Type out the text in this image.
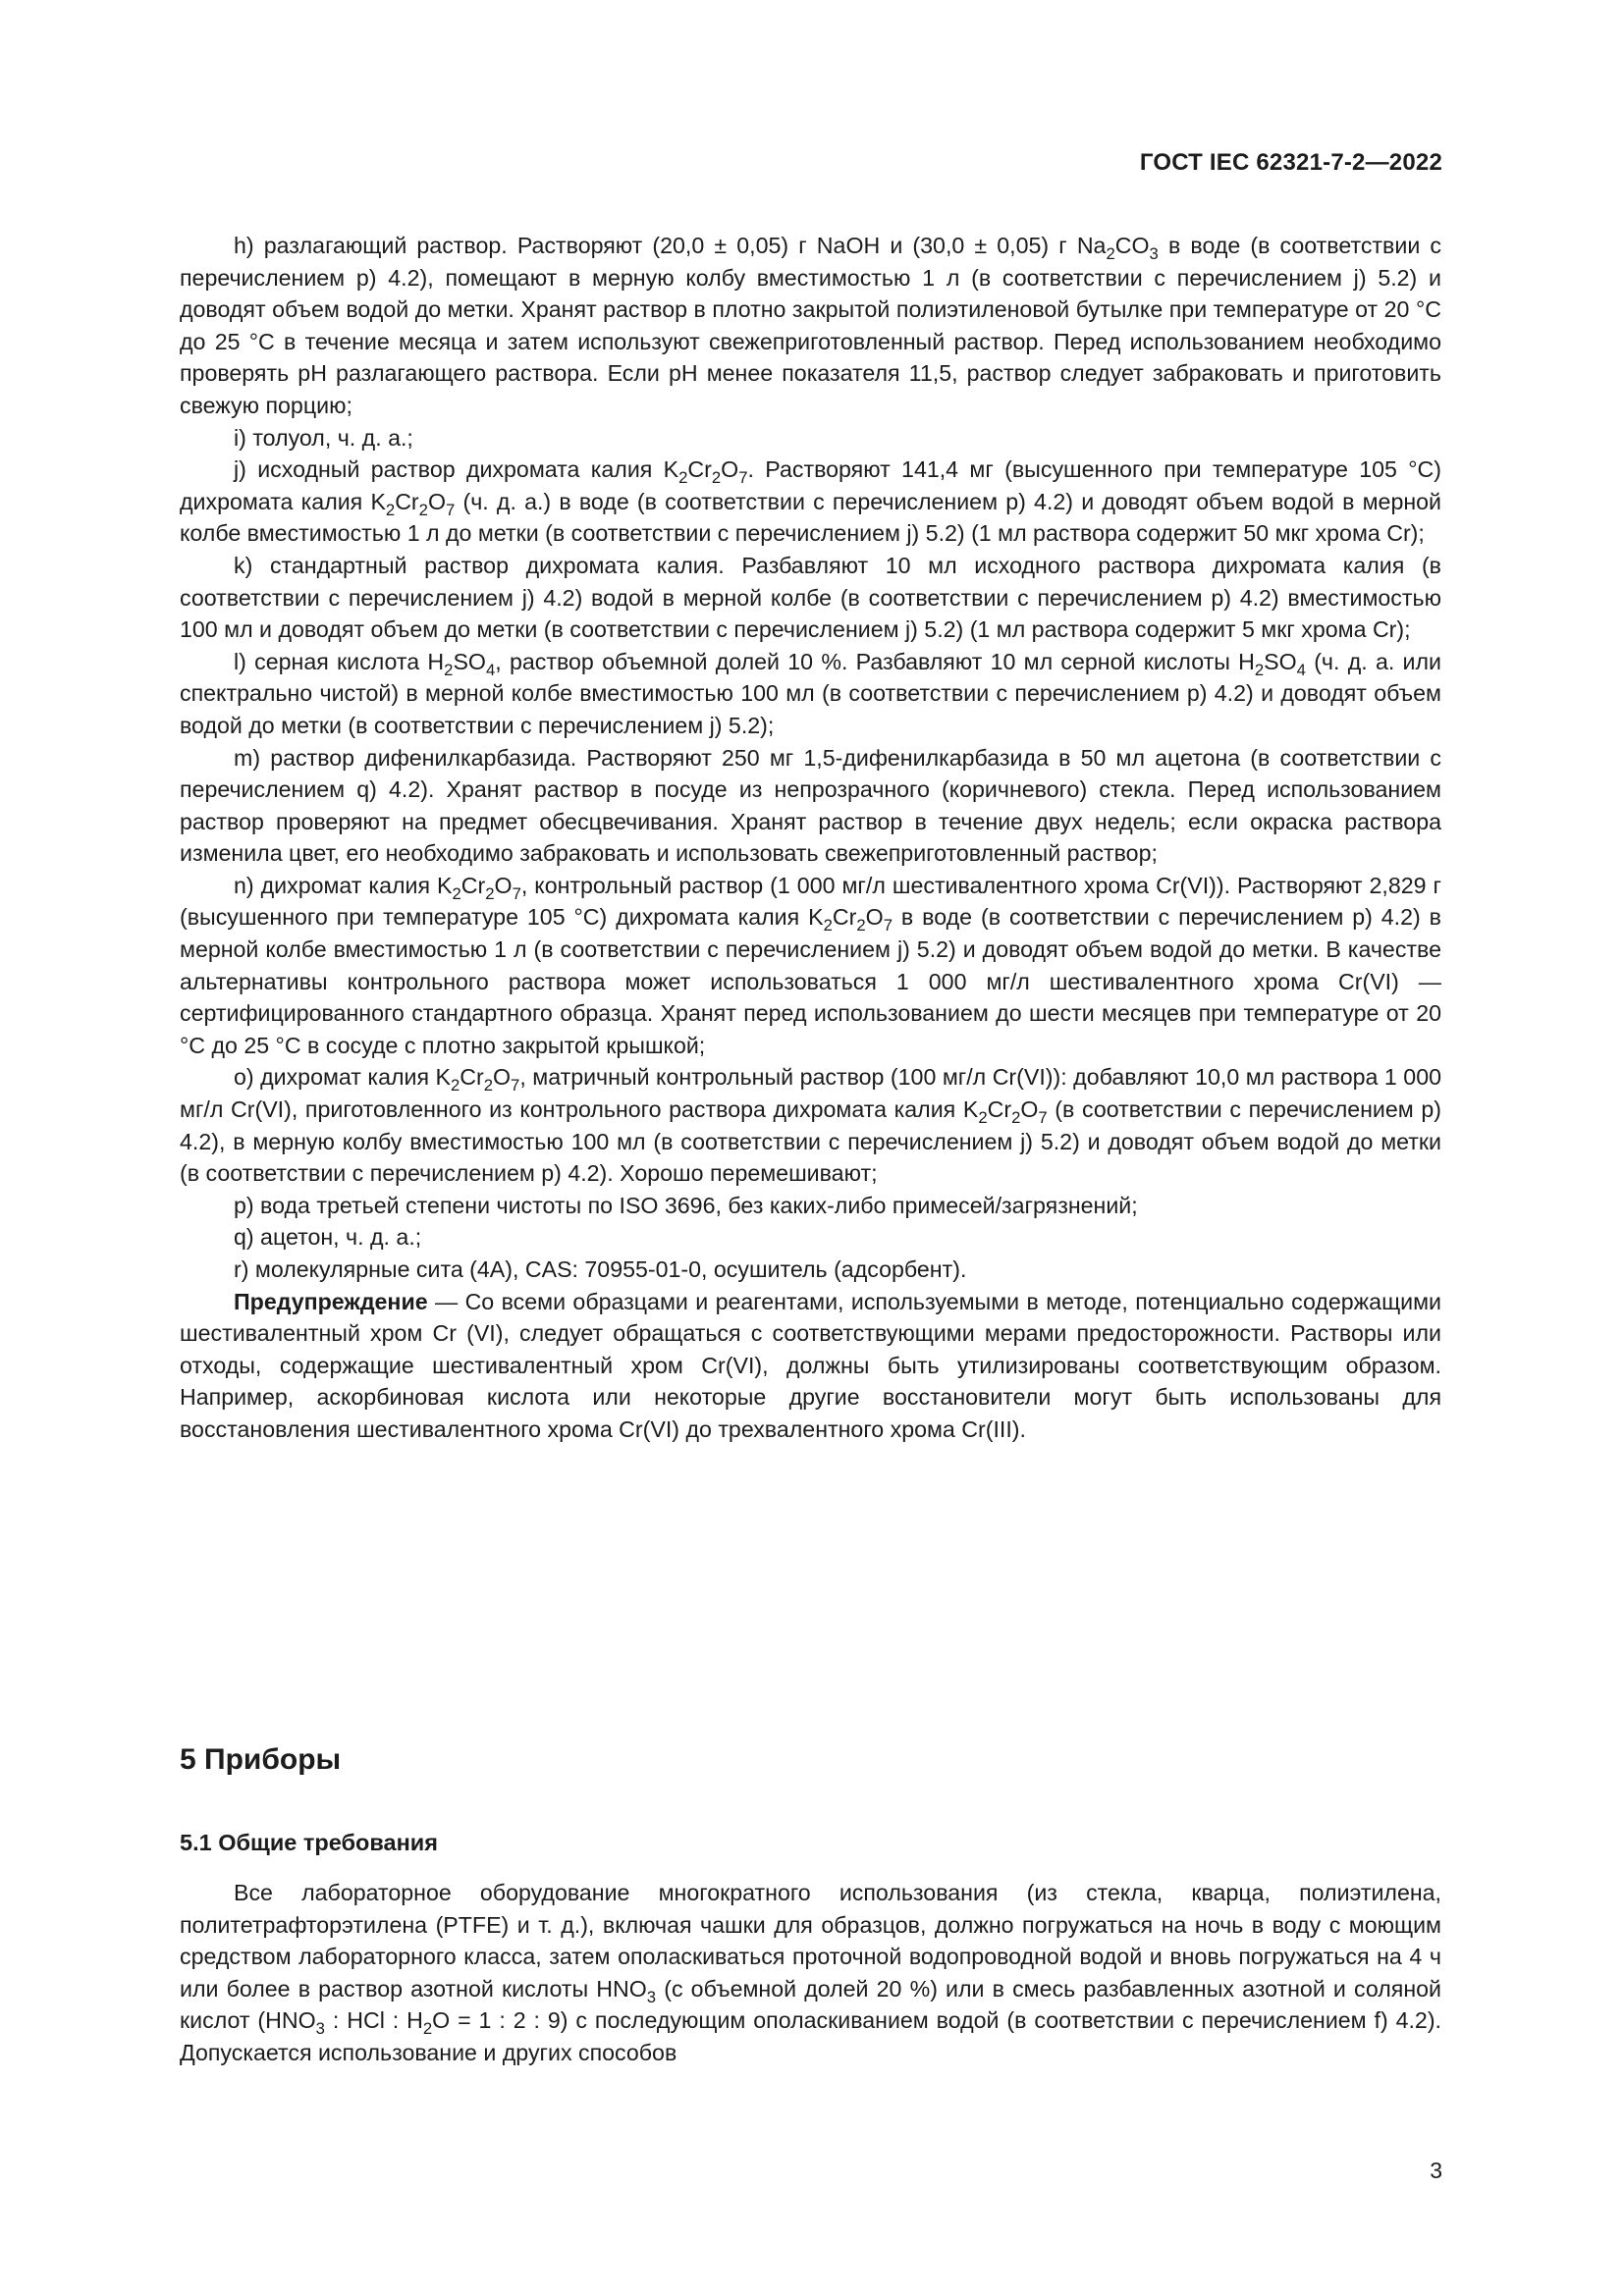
ГОСТ IEC 62321-7-2—2022

h) разлагающий раствор. Растворяют (20,0 ± 0,05) г NaOH и (30,0 ± 0,05) г $Na_2CO_3$ в воде (в соответствии с перечислением p) 4.2), помещают в мерную колбу вместимостью 1 л (в соответствии с перечислением j) 5.2) и доводят объем водой до метки. Хранят раствор в плотно закрытой полиэтиленовой бутылке при температуре от 20 °C до 25 °C в течение месяца и затем используют свежеприготовленный раствор. Перед использованием необходимо проверять pH разлагающего раствора. Если pH менее показателя 11,5, раствор следует забраковать и приготовить свежую порцию;

i) толуол, ч. д. а.;

j) исходный раствор дихромата калия $K_2Cr_2O_7$. Растворяют 141,4 мг (высушенного при температуре 105 °C) дихромата калия $K_2Cr_2O_7$ (ч. д. а.) в воде (в соответствии с перечислением p) 4.2) и доводят объем водой в мерной колбе вместимостью 1 л до метки (в соответствии с перечислением j) 5.2) (1 мл раствора содержит 50 мкг хрома Cr);

k) стандартный раствор дихромата калия. Разбавляют 10 мл исходного раствора дихромата калия (в соответствии с перечислением j) 4.2) водой в мерной колбе (в соответствии с перечислением p) 4.2) вместимостью 100 мл и доводят объем до метки (в соответствии с перечислением j) 5.2) (1 мл раствора содержит 5 мкг хрома Cr);

l) серная кислота $H_2SO_4$, раствор объемной долей 10 %. Разбавляют 10 мл серной кислоты $H_2SO_4$ (ч. д. а. или спектрально чистой) в мерной колбе вместимостью 100 мл (в соответствии с перечислением p) 4.2) и доводят объем водой до метки (в соответствии с перечислением j) 5.2);

m) раствор дифенилкарбазида. Растворяют 250 мг 1,5-дифенилкарбазида в 50 мл ацетона (в соответствии с перечислением q) 4.2). Хранят раствор в посуде из непрозрачного (коричневого) стекла. Перед использованием раствор проверяют на предмет обесцвечивания. Хранят раствор в течение двух недель; если окраска раствора изменила цвет, его необходимо забраковать и использовать свежеприготовленный раствор;

n) дихромат калия $K_2Cr_2O_7$, контрольный раствор (1 000 мг/л шестивалентного хрома Cr(VI)). Растворяют 2,829 г (высушенного при температуре 105 °C) дихромата калия $K_2Cr_2O_7$ в воде (в соответствии с перечислением p) 4.2) в мерной колбе вместимостью 1 л (в соответствии с перечислением j) 5.2) и доводят объем водой до метки. В качестве альтернативы контрольного раствора может использоваться 1 000 мг/л шестивалентного хрома Cr(VI) — сертифицированного стандартного образца. Хранят перед использованием до шести месяцев при температуре от 20 °C до 25 °C в сосуде с плотно закрытой крышкой;

o) дихромат калия $K_2Cr_2O_7$, матричный контрольный раствор (100 мг/л Cr(VI)): добавляют 10,0 мл раствора 1 000 мг/л Cr(VI), приготовленного из контрольного раствора дихромата калия $K_2Cr_2O_7$ (в соответствии с перечислением p) 4.2), в мерную колбу вместимостью 100 мл (в соответствии с перечислением j) 5.2) и доводят объем водой до метки (в соответствии с перечислением p) 4.2). Хорошо перемешивают;

p) вода третьей степени чистоты по ISO 3696, без каких-либо примесей/загрязнений;

q) ацетон, ч. д. а.;

r) молекулярные сита (4A), CAS: 70955-01-0, осушитель (адсорбент).

Предупреждение — Со всеми образцами и реагентами, используемыми в методе, потенциально содержащими шестивалентный хром Cr (VI), следует обращаться с соответствующими мерами предосторожности. Растворы или отходы, содержащие шестивалентный хром Cr(VI), должны быть утилизированы соответствующим образом. Например, аскорбиновая кислота или некоторые другие восстановители могут быть использованы для восстановления шестивалентного хрома Cr(VI) до трехвалентного хрома Cr(III).

5 Приборы
5.1 Общие требования

Все лабораторное оборудование многократного использования (из стекла, кварца, полиэтилена, политетрафторэтилена (PTFE) и т. д.), включая чашки для образцов, должно погружаться на ночь в воду с моющим средством лабораторного класса, затем ополаскиваться проточной водопроводной водой и вновь погружаться на 4 ч или более в раствор азотной кислоты $HNO_3$ (с объемной долей 20 %) или в смесь разбавленных азотной и соляной кислот ($HNO_3$ : HCl : $H_2O = 1$ : 2 : 9) с последующим ополаскиванием водой (в соответствии с перечислением f) 4.2). Допускается использование и других способов

3
